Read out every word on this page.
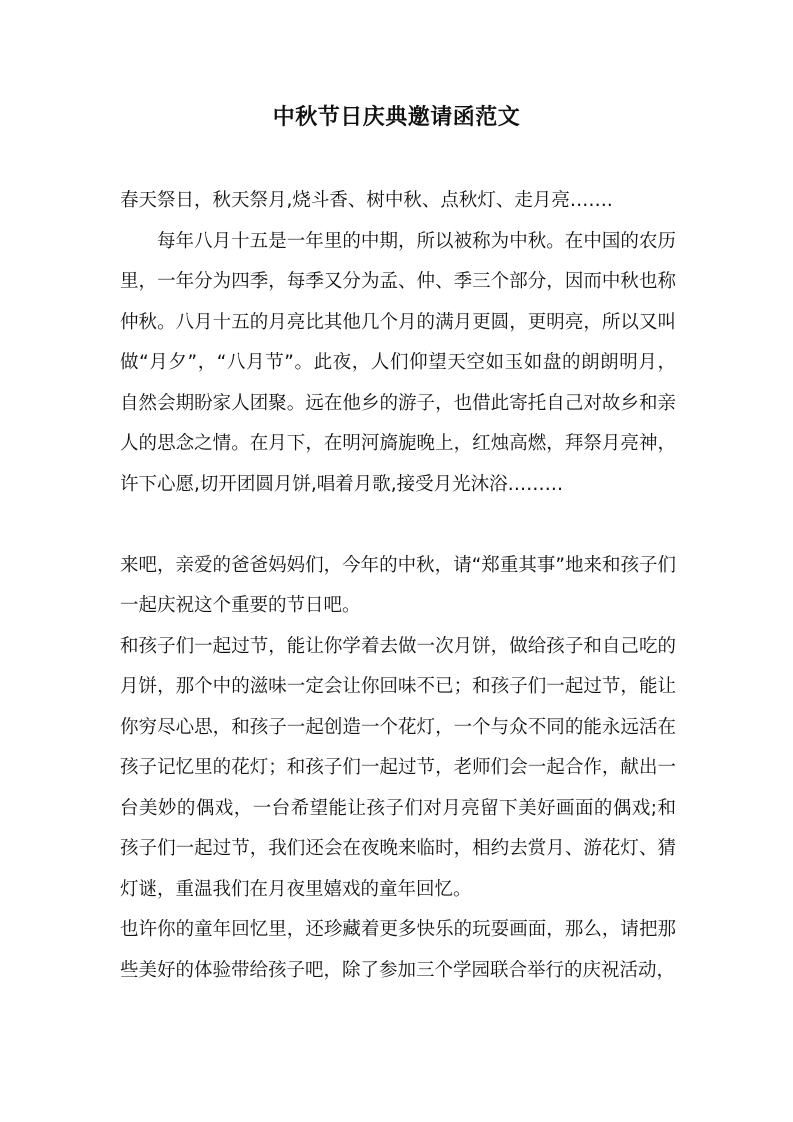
中秋节日庆典邀请函范文

春天祭日，秋天祭月,烧斗香、树中秋、点秋灯、走月亮…….

每年八月十五是一年里的中期，所以被称为中秋。在中国的农历里，一年分为四季，每季又分为孟、仲、季三个部分，因而中秋也称仲秋。八月十五的月亮比其他几个月的满月更圆，更明亮，所以又叫做“月夕”，“八月节”。此夜，人们仰望天空如玉如盘的朗朗明月，自然会期盼家人团聚。远在他乡的游子，也借此寄托自己对故乡和亲人的思念之情。在月下，在明河旖旎晚上，红烛高燃，拜祭月亮神，许下心愿,切开团圆月饼,唱着月歌,接受月光沐浴………

来吧，亲爱的爸爸妈妈们，今年的中秋，请“郑重其事”地来和孩子们一起庆祝这个重要的节日吧。

和孩子们一起过节，能让你学着去做一次月饼，做给孩子和自己吃的月饼，那个中的滋味一定会让你回味不已；和孩子们一起过节，能让你穷尽心思，和孩子一起创造一个花灯，一个与众不同的能永远活在孩子记忆里的花灯；和孩子们一起过节，老师们会一起合作，献出一台美妙的偶戏，一台希望能让孩子们对月亮留下美好画面的偶戏;和孩子们一起过节，我们还会在夜晚来临时，相约去赏月、游花灯、猜灯谜，重温我们在月夜里嬉戏的童年回忆。

也许你的童年回忆里，还珍藏着更多快乐的玩耍画面，那么，请把那些美好的体验带给孩子吧，除了参加三个学园联合举行的庆祝活动，
